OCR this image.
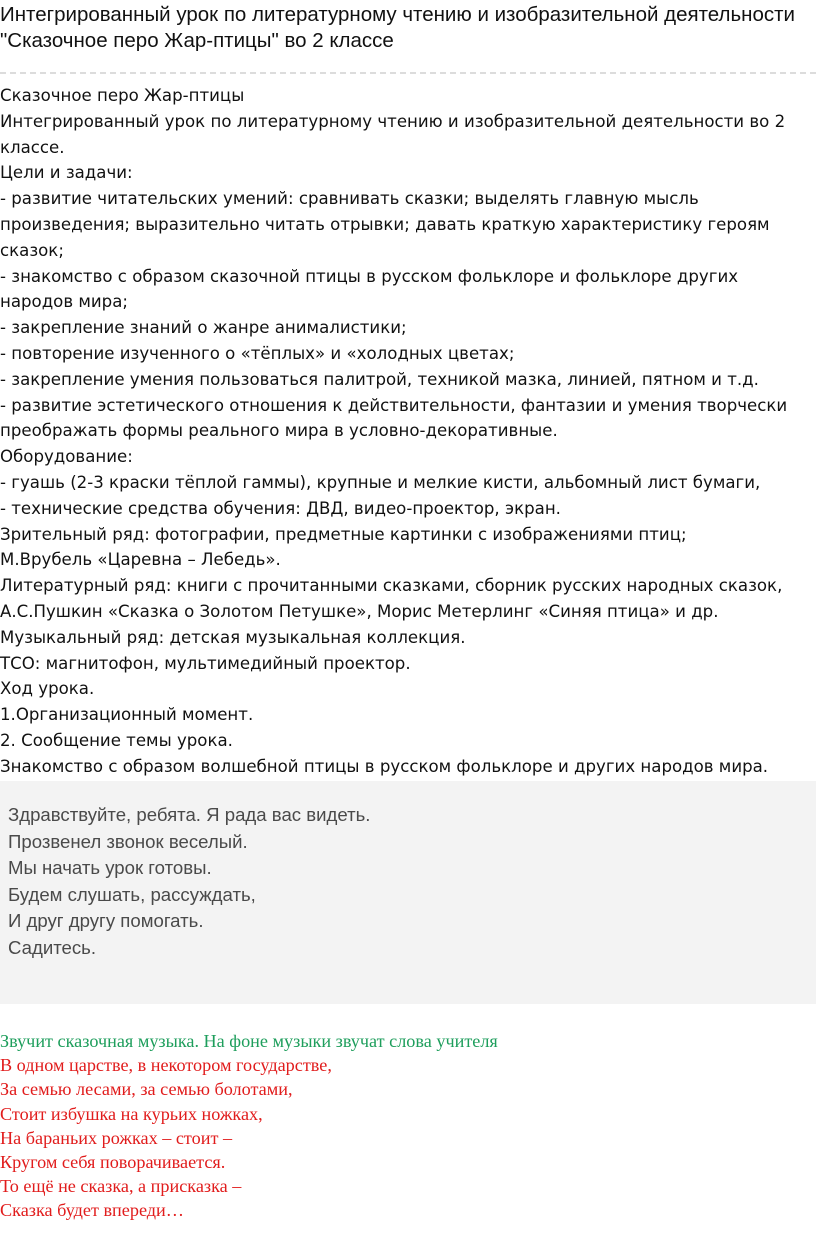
Интегрированный урок по литературному чтению и изобразительной деятельности
"Сказочное перо Жар-птицы" во 2 классе
Сказочное перо Жар-птицы
Интегрированный урок по литературному чтению и изобразительной деятельности во 2
классе.
Цели и задачи:
- развитие читательских умений: сравнивать сказки; выделять главную мысль
произведения; выразительно читать отрывки; давать краткую характеристику героям
сказок;
- знакомство с образом сказочной птицы в русском фольклоре и фольклоре других
народов мира;
- закрепление знаний о жанре анималистики;
- повторение изученного о «тёплых» и «холодных цветах;
- закрепление умения пользоваться палитрой, техникой мазка, линией, пятном и т.д.
- развитие эстетического отношения к действительности, фантазии и умения творчески
преображать формы реального мира в условно-декоративные.
Оборудование:
- гуашь (2-3 краски тёплой гаммы), крупные и мелкие кисти, альбомный лист бумаги,
- технические средства обучения: ДВД, видео-проектор, экран.
Зрительный ряд: фотографии, предметные картинки с изображениями птиц;
М.Врубель «Царевна – Лебедь».
Литературный ряд: книги с прочитанными сказками, сборник русских народных сказок,
А.С.Пушкин «Сказка о Золотом Петушке», Морис Метерлинг «Синяя птица» и др.
Музыкальный ряд: детская музыкальная коллекция.
ТСО: магнитофон, мультимедийный проектор.
Ход урока.
1.Организационный момент.
2. Сообщение темы урока.
Знакомство с образом волшебной птицы в русском фольклоре и других народов мира.
Здравствуйте, ребята. Я рада вас видеть.
Прозвенел звонок веселый.
Мы начать урок готовы.
Будем слушать, рассуждать,
И друг другу помогать.
Садитесь.
Звучит сказочная музыка. На фоне музыки звучат слова учителя
В одном царстве, в некотором государстве,
За семью лесами, за семью болотами,
Стоит избушка на курьих ножках,
На бараньих рожках – стоит –
Кругом себя поворачивается.
То ещё не сказка, а присказка –
Сказка будет впереди…
